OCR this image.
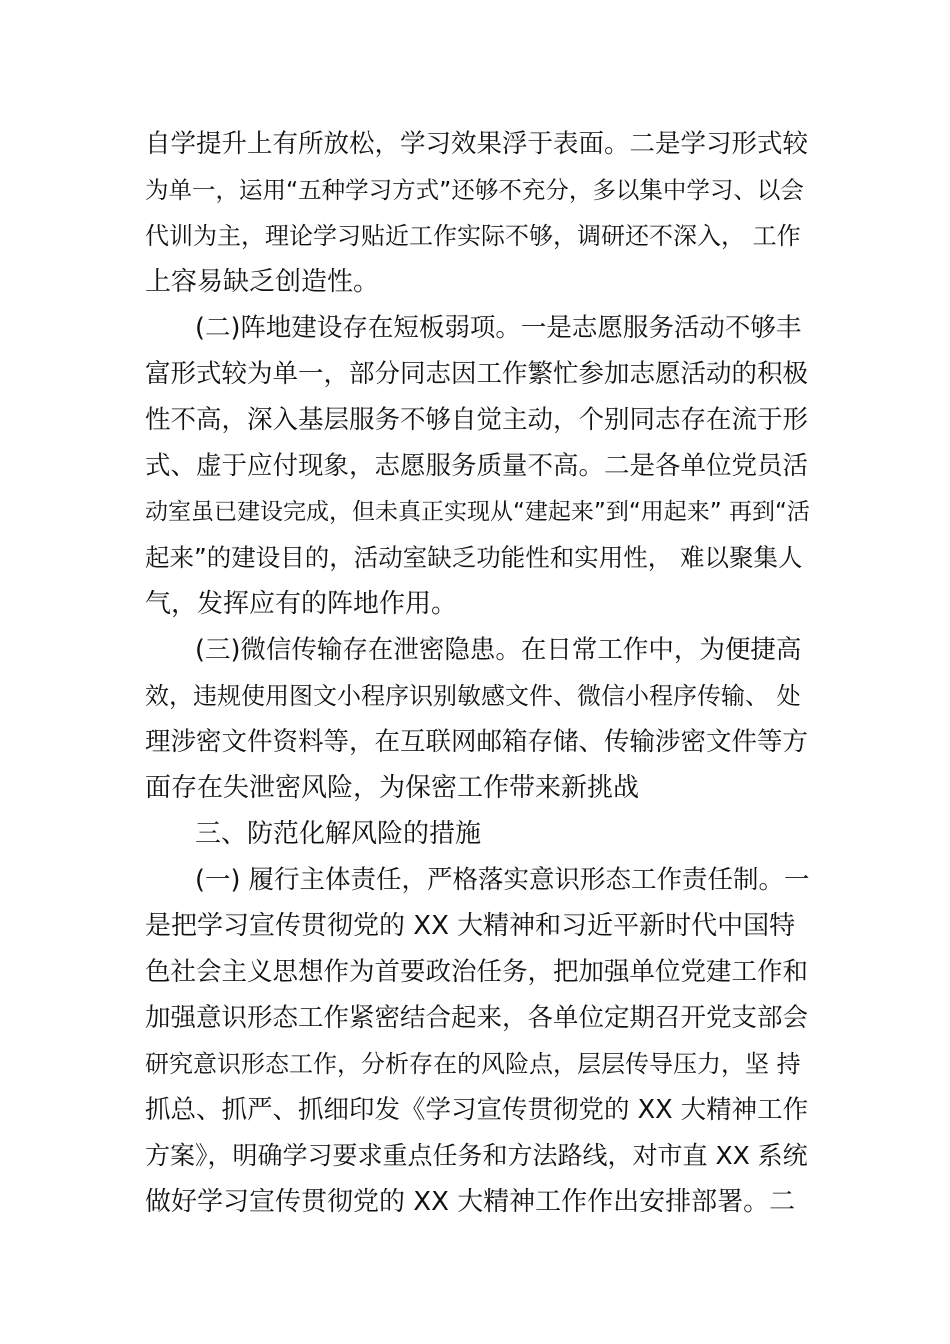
自学提升上有所放松，学习效果浮于表面。二是学习形式较
为单一，运用“五种学习方式”还够不充分，多以集中学习、以会
代训为主，理论学习贴近工作实际不够，调研还不深入， 工作
上容易缺乏创造性。
(二)阵地建设存在短板弱项。一是志愿服务活动不够丰
富形式较为单一，部分同志因工作繁忙参加志愿活动的积极
性不高，深入基层服务不够自觉主动，个别同志存在流于形
式、虚于应付现象，志愿服务质量不高。二是各单位党员活
动室虽已建设完成，但未真正实现从“建起来”到“用起来” 再到“活
起来”的建设目的，活动室缺乏功能性和实用性， 难以聚集人
气，发挥应有的阵地作用。
(三)微信传输存在泄密隐患。在日常工作中，为便捷高
效，违规使用图文小程序识别敏感文件、微信小程序传输、 处
理涉密文件资料等，在互联网邮箱存储、传输涉密文件等方
面存在失泄密风险，为保密工作带来新挑战
三、防范化解风险的措施
(一) 履行主体责任，严格落实意识形态工作责任制。一
是把学习宣传贯彻党的 XX 大精神和习近平新时代中国特
色社会主义思想作为首要政治任务，把加强单位党建工作和
加强意识形态工作紧密结合起来，各单位定期召开党支部会
研究意识形态工作，分析存在的风险点，层层传导压力，坚 持
抓总、抓严、抓细印发《学习宣传贯彻党的 XX 大精神工作
方案》，明确学习要求重点任务和方法路线，对市直 XX 系统
做好学习宣传贯彻党的 XX 大精神工作作出安排部署。二
